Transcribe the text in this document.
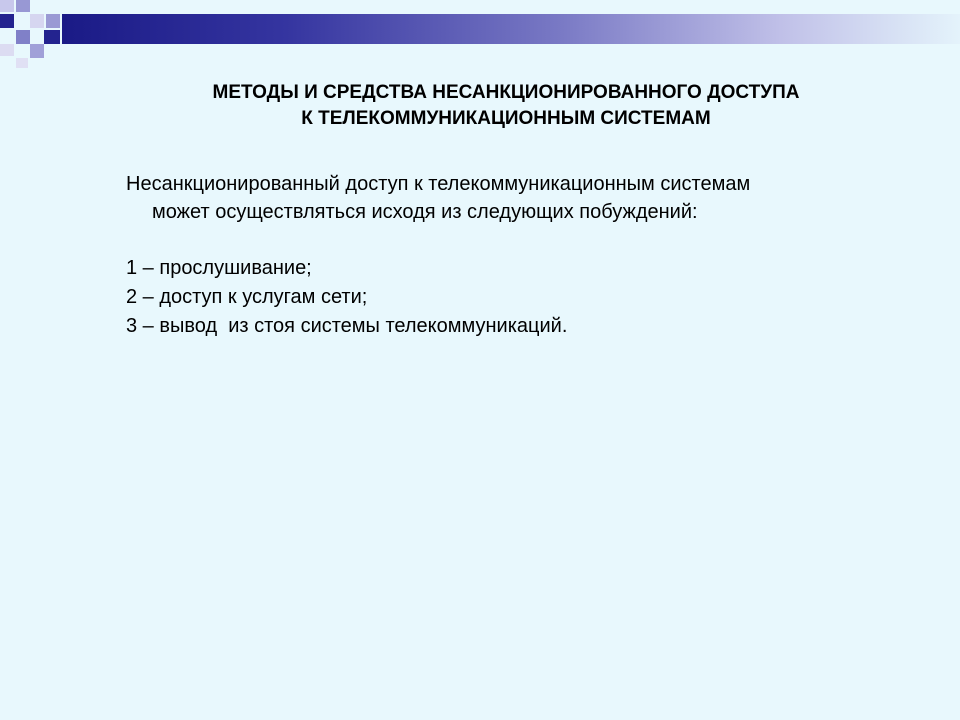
МЕТОДЫ И СРЕДСТВА НЕСАНКЦИОНИРОВАННОГО ДОСТУПА
К ТЕЛЕКОММУНИКАЦИОННЫМ СИСТЕМАМ
Несанкционированный доступ к телекоммуникационным системам
может осуществляться исходя из следующих побуждений:
1 – прослушивание;
2 – доступ к услугам сети;
3 – вывод  из стоя системы телекоммуникаций.
